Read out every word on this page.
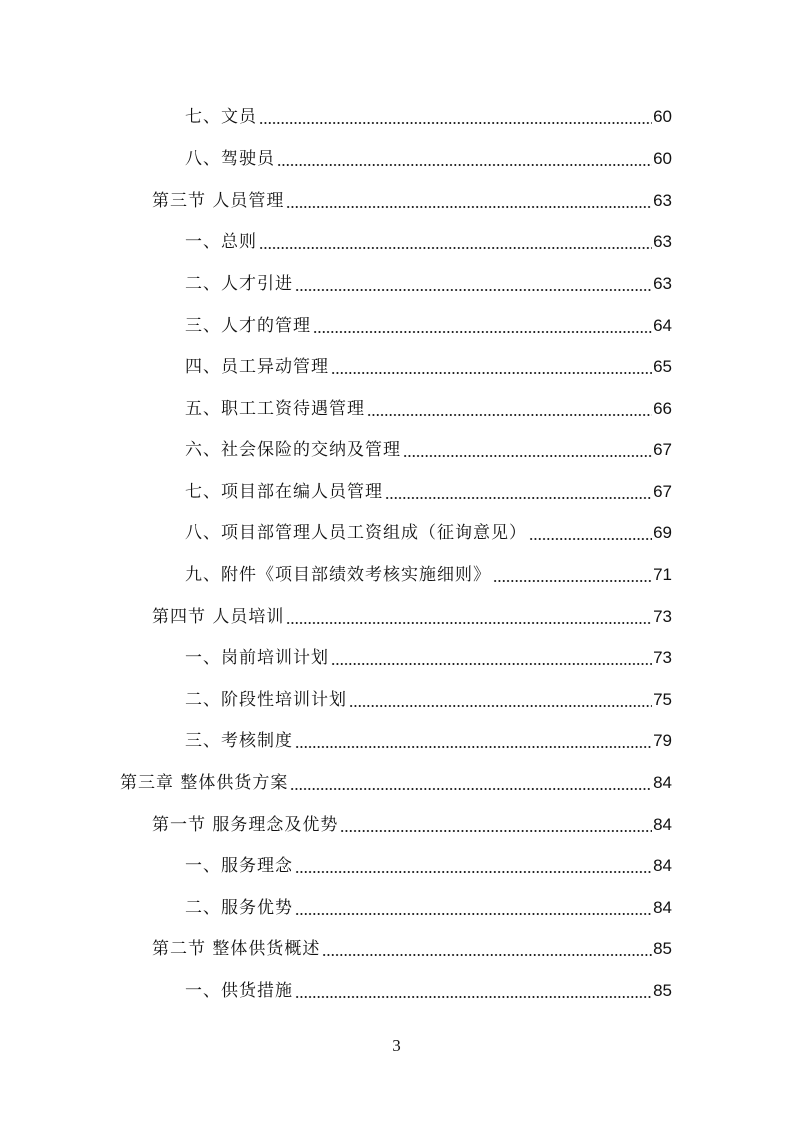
七、文员	60
八、驾驶员	60
第三节 人员管理	63
一、总则	63
二、人才引进	63
三、人才的管理	64
四、员工异动管理	65
五、职工工资待遇管理	66
六、社会保险的交纳及管理	67
七、项目部在编人员管理	67
八、项目部管理人员工资组成（征询意见）	69
九、附件《项目部绩效考核实施细则》	71
第四节 人员培训	73
一、岗前培训计划	73
二、阶段性培训计划	75
三、考核制度	79
第三章 整体供货方案	84
第一节 服务理念及优势	84
一、服务理念	84
二、服务优势	84
第二节 整体供货概述	85
一、供货措施	85
3
